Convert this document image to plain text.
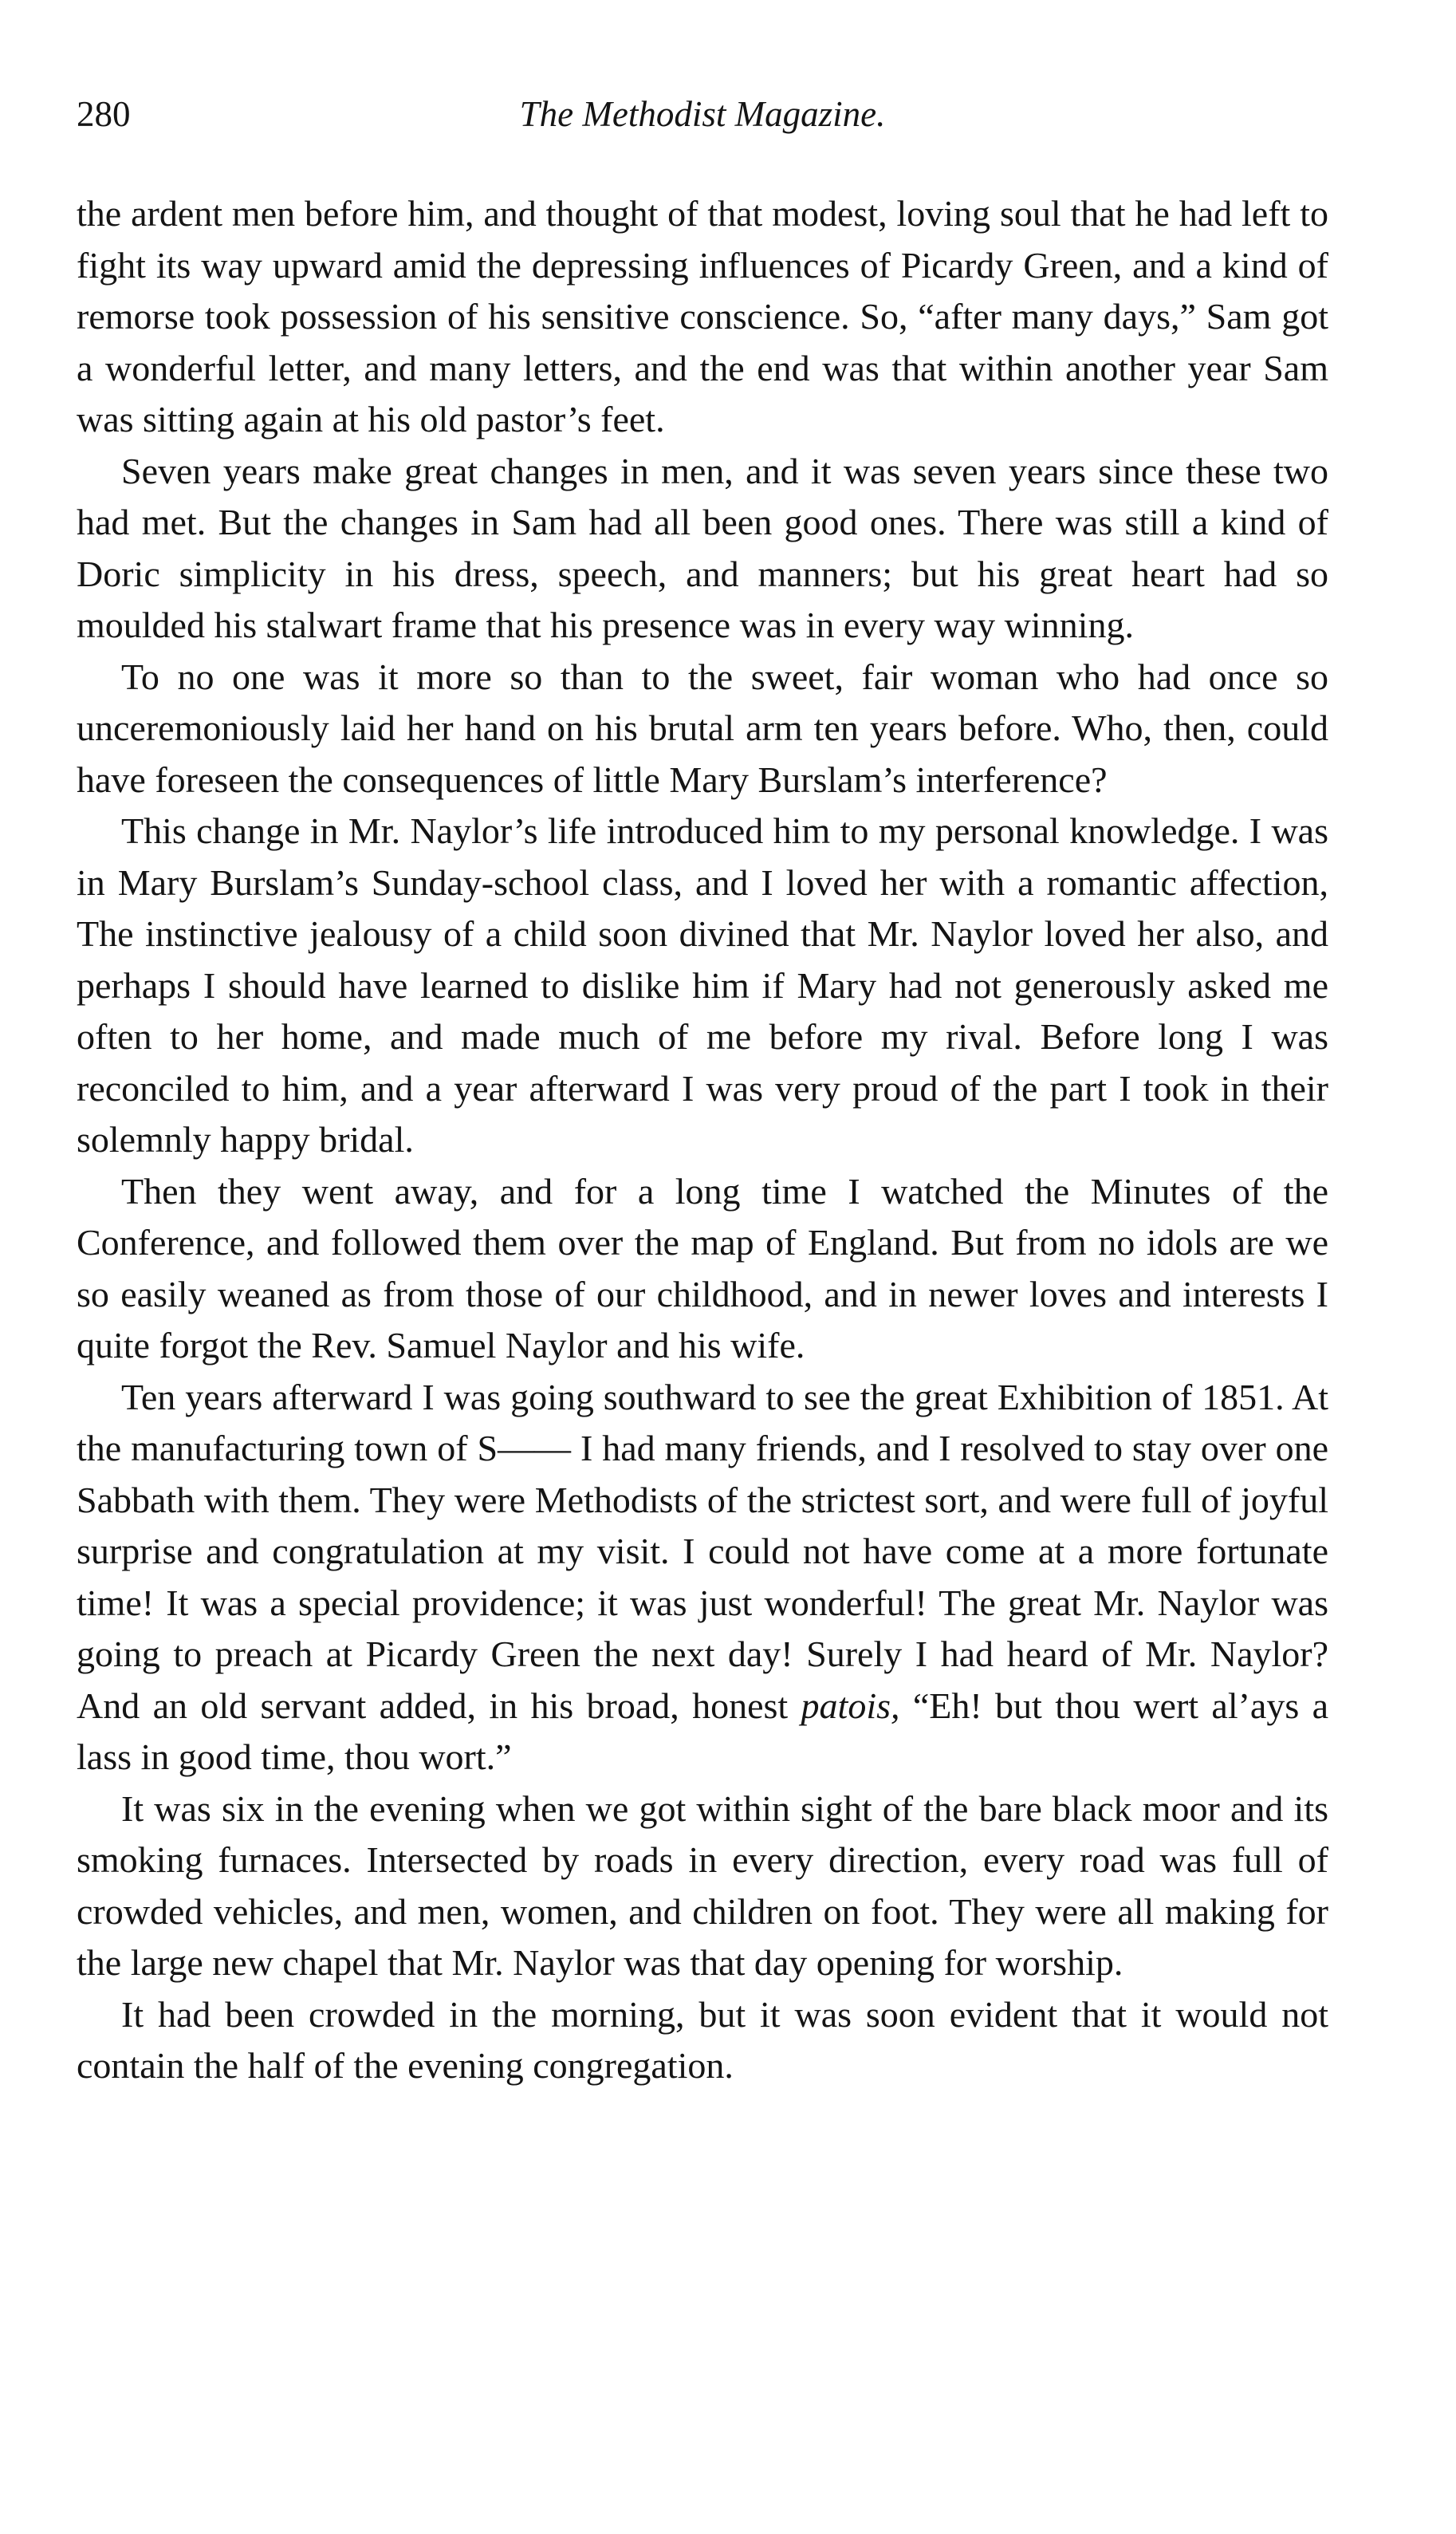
280	The Methodist Magazine.

the ardent men before him, and thought of that modest, loving soul that he had left to fight its way upward amid the depressing influences of Picardy Green, and a kind of remorse took possession of his sensitive conscience. So, “after many days,” Sam got a wonderful letter, and many letters, and the end was that within another year Sam was sitting again at his old pastor’s feet.

Seven years make great changes in men, and it was seven years since these two had met. But the changes in Sam had all been good ones. There was still a kind of Doric simplicity in his dress, speech, and manners; but his great heart had so moulded his stalwart frame that his presence was in every way winning.

To no one was it more so than to the sweet, fair woman who had once so unceremoniously laid her hand on his brutal arm ten years before. Who, then, could have foreseen the consequences of little Mary Burslam’s interference?

This change in Mr. Naylor’s life introduced him to my personal knowledge. I was in Mary Burslam’s Sunday-school class, and I loved her with a romantic affection, The instinctive jealousy of a child soon divined that Mr. Naylor loved her also, and perhaps I should have learned to dislike him if Mary had not generously asked me often to her home, and made much of me before my rival. Before long I was reconciled to him, and a year afterward I was very proud of the part I took in their solemnly happy bridal.

Then they went away, and for a long time I watched the Minutes of the Conference, and followed them over the map of England. But from no idols are we so easily weaned as from those of our childhood, and in newer loves and interests I quite forgot the Rev. Samuel Naylor and his wife.

Ten years afterward I was going southward to see the great Exhibition of 1851. At the manufacturing town of S—— I had many friends, and I resolved to stay over one Sabbath with them. They were Methodists of the strictest sort, and were full of joyful surprise and congratulation at my visit. I could not have come at a more fortunate time! It was a special providence; it was just wonderful! The great Mr. Naylor was going to preach at Picardy Green the next day! Surely I had heard of Mr. Naylor? And an old servant added, in his broad, honest patois, “Eh! but thou wert al’ays a lass in good time, thou wort.”

It was six in the evening when we got within sight of the bare black moor and its smoking furnaces. Intersected by roads in every direction, every road was full of crowded vehicles, and men, women, and children on foot. They were all making for the large new chapel that Mr. Naylor was that day opening for worship.

It had been crowded in the morning, but it was soon evident that it would not contain the half of the evening congregation.
